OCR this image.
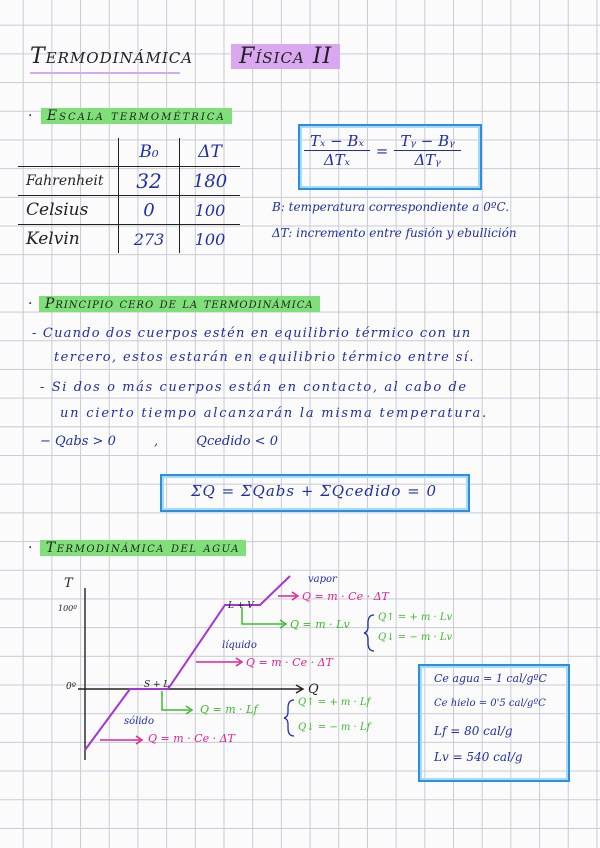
Termodinámica Física II
· Escala termométrica
	B₀	ΔT
Fahrenheit	32	180
Celsius	0	100
Kelvin	273	100
$\frac{\text{Tₓ − Bₓ}}{\text{ΔTₓ}} = \frac{\text{Tᵧ − Bᵧ}}{\text{ΔTᵧ}}$
B: temperatura correspondiente a 0ºC.
ΔT: incremento entre fusión y ebullición
· Principio cero de la termodinámica
- Cuando dos cuerpos estén en equilibrio térmico con un
tercero, estos estarán en equilibrio térmico entre sí.
- Si dos o más cuerpos están en contacto, al cabo de
un cierto tiempo alcanzarán la misma temperatura.
− Qabs > 0	,	Qcedido < 0
ΣQ = ΣQabs + ΣQcedido = 0
· Termodinámica del agua
T
Q
100º
0º
vapor
L + V
líquido
S + L
sólido
Q = m · Ce · ΔT
Q = m · Lv
Q↑ = + m · Lv
Q↓ = − m · Lv
Q = m · Ce · ΔT
Q = m · Lf
Q↑ = + m · Lf
Q↓ = − m · Lf
Q = m · Ce · ΔT
Ce agua = 1 cal/gºC
Ce hielo = 0'5 cal/gºC
Lf = 80 cal/g
Lv = 540 cal/g
